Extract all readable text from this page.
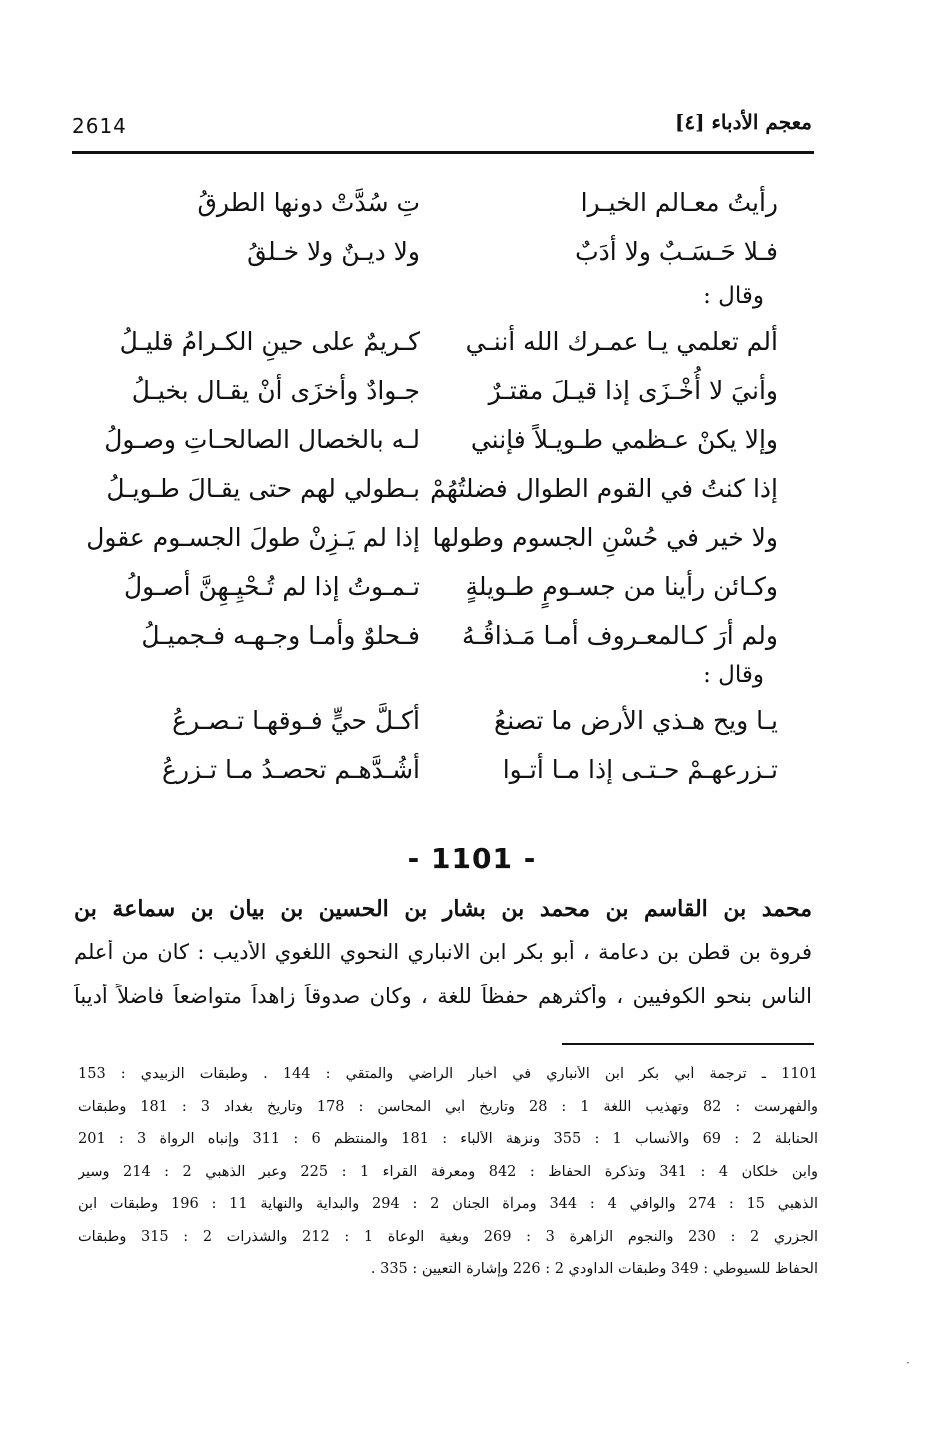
2614	معجم الأدباء [٤]
رأيتُ معـالم الخيـرا
تِ سُدَّتْ دونها الطرقُ
فـلا حَـسَـبٌ ولا أدَبٌ
ولا ديـنٌ ولا خـلقُ
وقال :
ألم تعلمي يـا عمـرك الله أننـي
كـريمٌ على حينِ الكـرامُ قليـلُ
وأنيَ لا أُخْـزَى إذا قيـلَ مقتـرٌ
جـوادٌ وأخزَى أنْ يقـال بخيـلُ
وإلا يكنْ عـظمي طـويـلاً فإنني
لـه بالخصال الصالحـاتِ وصـولُ
إذا كنتُ في القوم الطوال فضلتُهُمْ
بـطولي لهم حتى يقـالَ طـويـلُ
ولا خير في حُسْنِ الجسوم وطولها
إذا لم يَـزِنْ طولَ الجسـوم عقول
وكـائن رأينا من جسـومٍ طـويلةٍ
تـمـوتُ إذا لم تُـحْيِـهِنَّ أصـولُ
ولم أرَ كـالمعـروف أمـا مَـذاقُـهُ
فـحلوٌ وأمـا وجـهـه فـجميـلُ
وقال :
يـا ويح هـذي الأرض ما تصنعُ
أكـلَّ حيٍّ فـوقهـا تـصـرعُ
تـزرعهـمْ حـتـى إذا مـا أتـوا
أشُـدَّهـم تحصـدُ مـا تـزرعُ
- 1101 -
محمد بن القاسم بن محمد بن بشار بن الحسين بن بيان بن سماعة بن
فروة بن قطن بن دعامة ، أبو بكر ابن الانباري النحوي اللغوي الأديب : كان من أعلم
الناس بنحو الكوفيين ، وأكثرهم حفظاً للغة ، وكان صدوقاً زاهداً متواضعاً فاضلاً أديباً
1101 ـ ترجمة أبي بكر ابن الأنباري في أخبار الراضي والمتقي : 144 . وطبقات الزبيدي : 153
والفهرست : 82 وتهذيب اللغة 1 : 28 وتاريخ أبي المحاسن : 178 وتاريخ بغداد 3 : 181 وطبقات
الحنابلة 2 : 69 والأنساب 1 : 355 ونزهة الألباء : 181 والمنتظم 6 : 311 وإنباه الرواة 3 : 201
وابن خلكان 4 : 341 وتذكرة الحفاظ : 842 ومعرفة القراء 1 : 225 وعبر الذهبي 2 : 214 وسير
الذهبي 15 : 274 والوافي 4 : 344 ومرآة الجنان 2 : 294 والبداية والنهاية 11 : 196 وطبقات ابن
الجزري 2 : 230 والنجوم الزاهرة 3 : 269 وبغية الوعاة 1 : 212 والشذرات 2 : 315 وطبقات
الحفاظ للسيوطي : 349 وطبقات الداودي 2 : 226 وإشارة التعيين : 335 .
·
